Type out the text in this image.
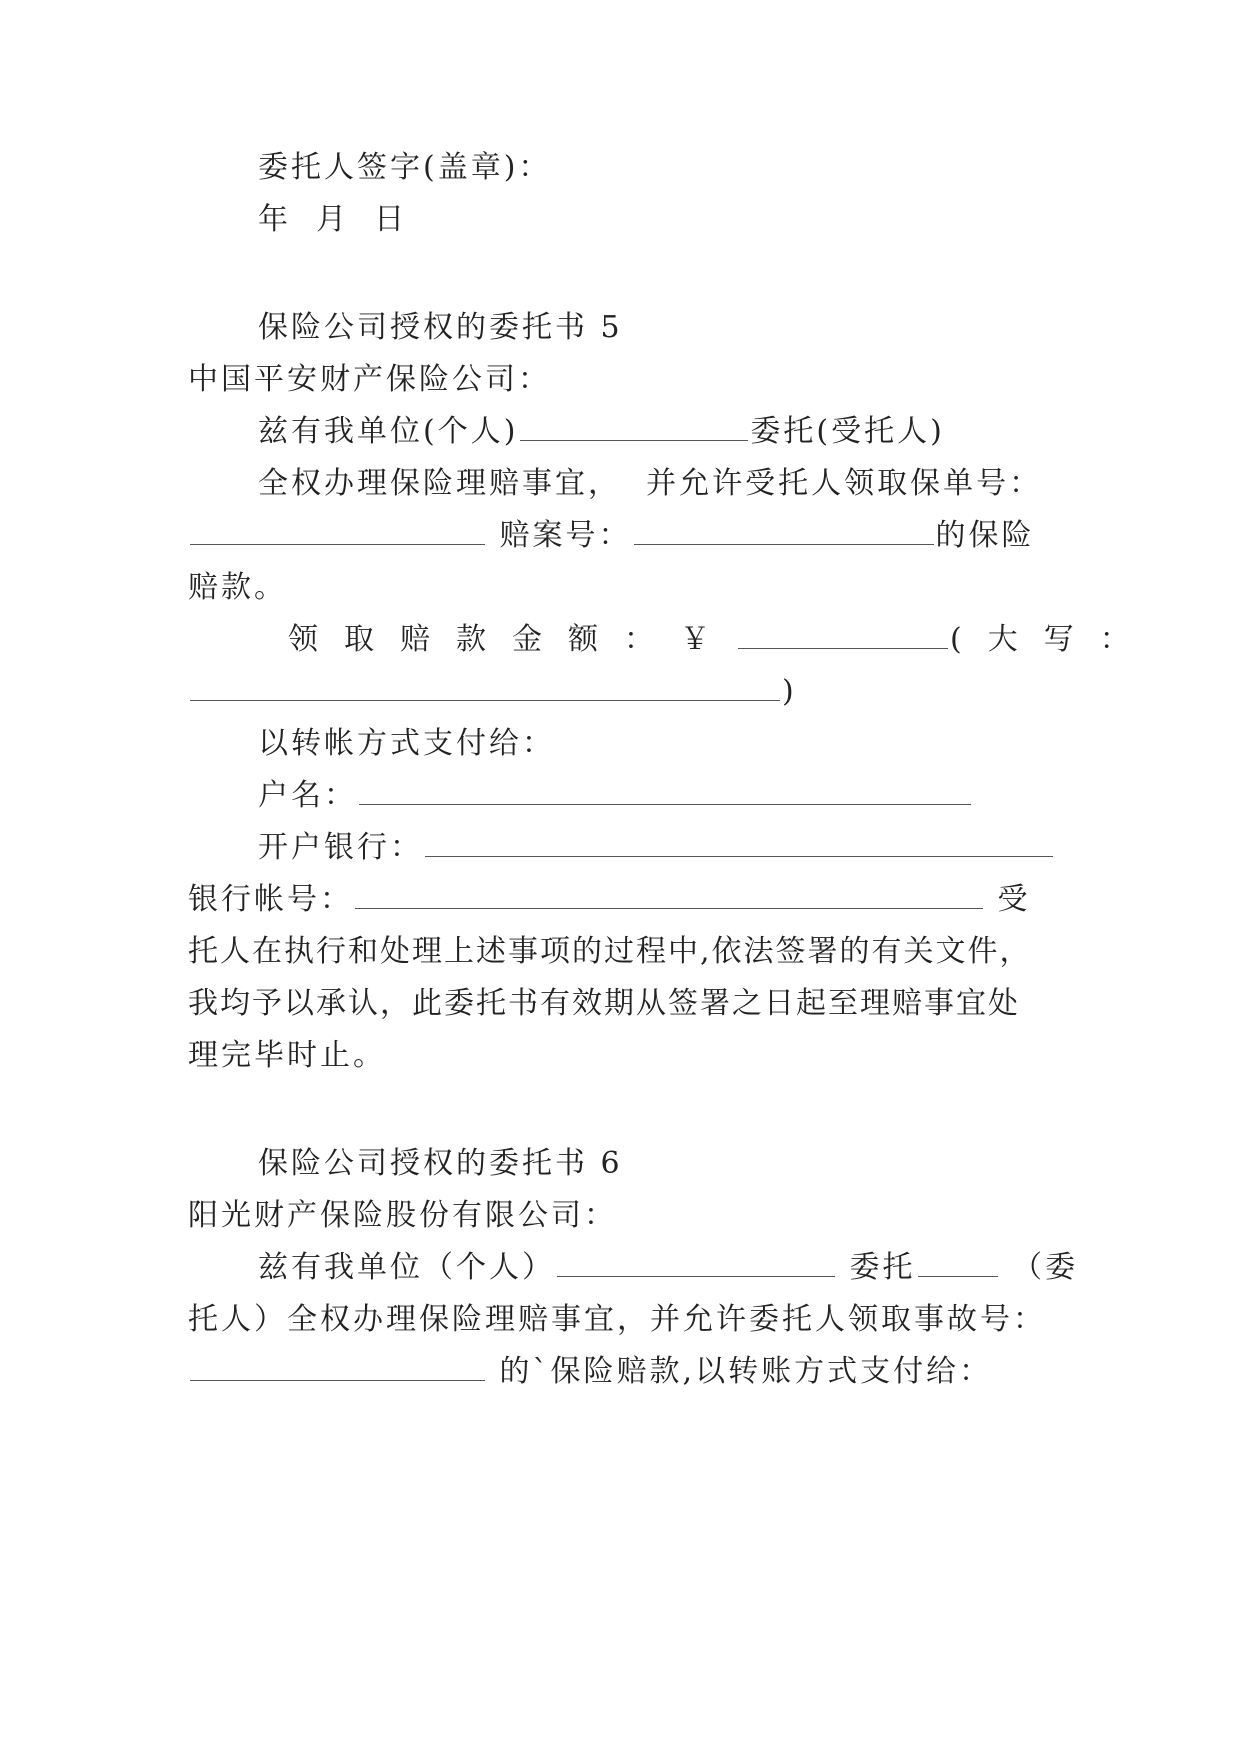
委托人签字(盖章)：
年  月  日
保险公司授权的委托书 5
中国平安财产保险公司：
兹有我单位(个人)	委托(受托人)
全权办理保险理赔事宜，  并允许受托人领取保单号：
赔案号：	的保险
赔款。
领取赔款金额：￥	(大写：
)
以转帐方式支付给：
户名：
开户银行：
银行帐号：	受
托人在执行和处理上述事项的过程中,依法签署的有关文件，
我均予以承认，此委托书有效期从签署之日起至理赔事宜处
理完毕时止。
保险公司授权的委托书 6
阳光财产保险股份有限公司：
兹有我单位（个人）	委托	（委
托人）全权办理保险理赔事宜，并允许委托人领取事故号：
的`保险赔款,以转账方式支付给：
